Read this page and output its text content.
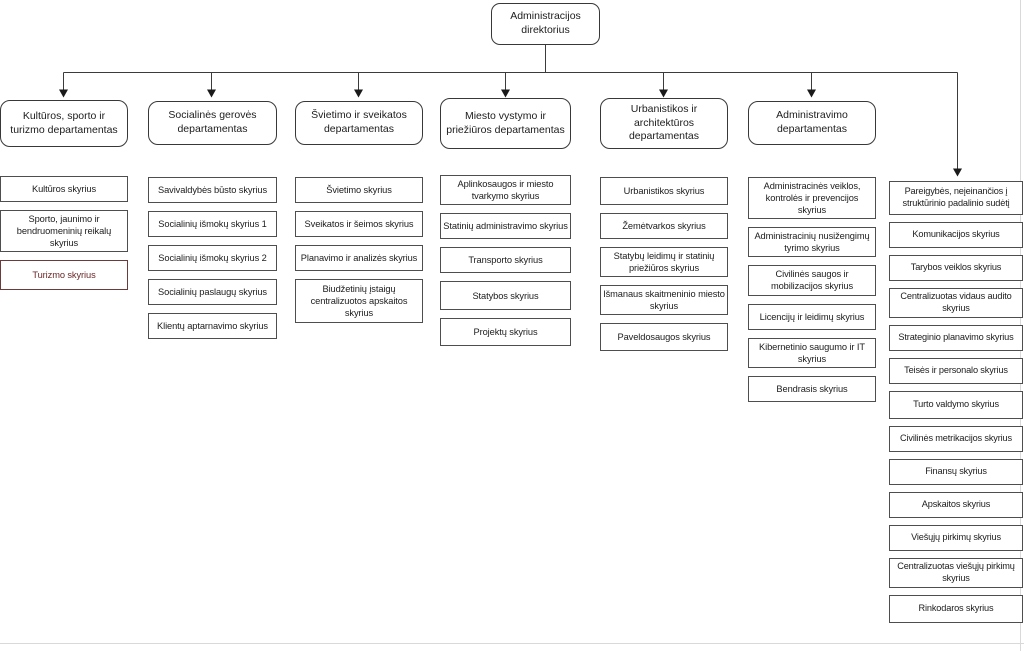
Administracijos direktorius
Kultūros, sporto ir turizmo departamentas
Kultūros skyrius
Sporto, jaunimo ir bendruomeninių reikalų skyrius
Turizmo skyrius
Socialinės gerovės departamentas
Savivaldybės būsto skyrius
Socialinių išmokų skyrius 1
Socialinių išmokų skyrius 2
Socialinių paslaugų skyrius
Klientų aptarnavimo skyrius
Švietimo ir sveikatos departamentas
Švietimo skyrius
Sveikatos ir šeimos skyrius
Planavimo ir analizės skyrius
Biudžetinių įstaigų centralizuotos apskaitos skyrius
Miesto vystymo ir priežiūros departamentas
Aplinkosaugos ir miesto tvarkymo skyrius
Statinių administravimo skyrius
Transporto skyrius
Statybos skyrius
Projektų skyrius
Urbanistikos ir architektūros departamentas
Urbanistikos skyrius
Žemėtvarkos skyrius
Statybų leidimų ir statinių priežiūros skyrius
Išmanaus skaitmeninio miesto skyrius
Paveldosaugos skyrius
Administravimo departamentas
Administracinės veiklos, kontrolės ir prevencijos skyrius
Administracinių nusižengimų tyrimo skyrius
Civilinės saugos ir mobilizacijos skyrius
Licencijų ir leidimų skyrius
Kibernetinio saugumo ir IT skyrius
Bendrasis skyrius
Pareigybės, neįeinančios į struktūrinio padalinio sudėtį
Komunikacijos skyrius
Tarybos veiklos skyrius
Centralizuotas vidaus audito skyrius
Strateginio planavimo skyrius
Teisės ir personalo skyrius
Turto valdymo skyrius
Civilinės metrikacijos skyrius
Finansų skyrius
Apskaitos skyrius
Viešųjų pirkimų skyrius
Centralizuotas viešųjų pirkimų skyrius
Rinkodaros skyrius
